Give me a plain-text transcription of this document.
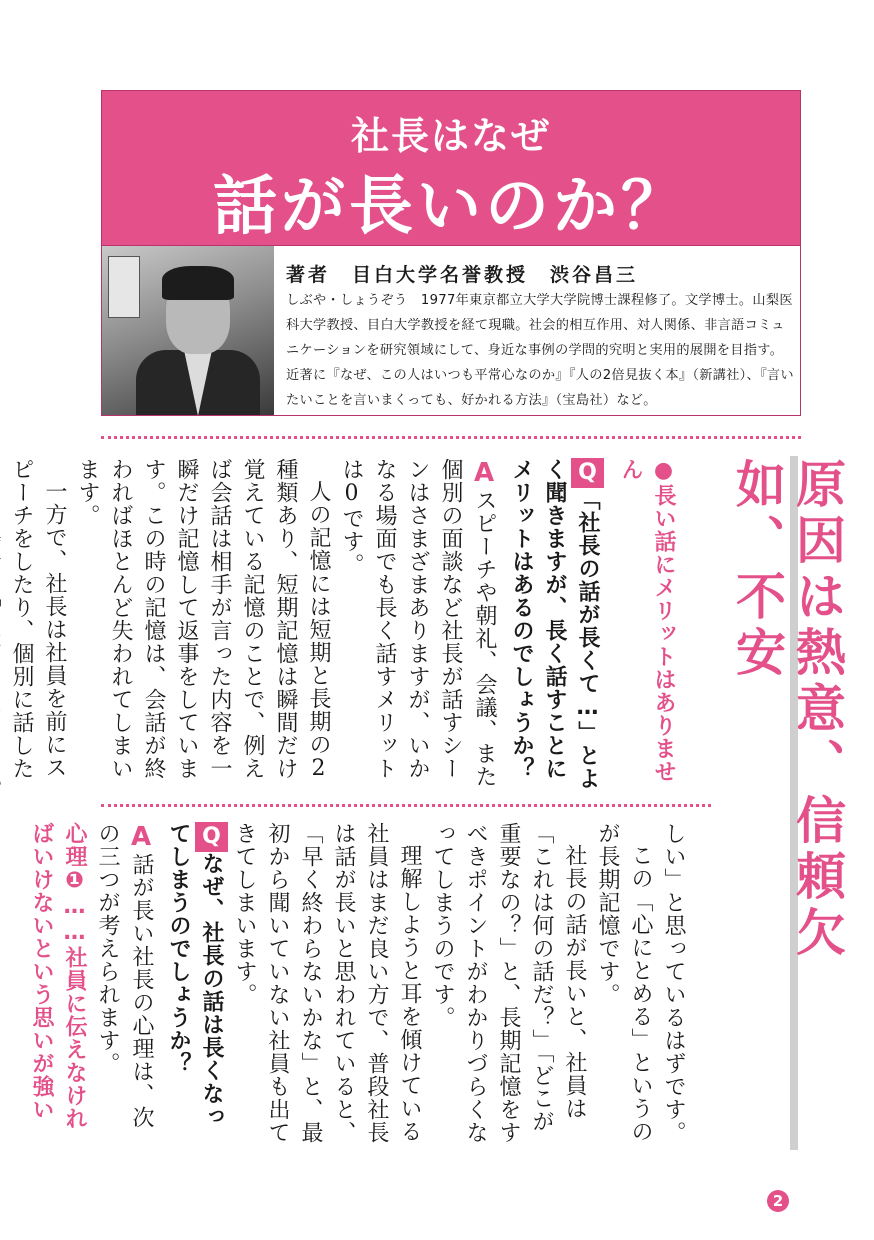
社長はなぜ
話が長いのか？
著者　目白大学名誉教授　渋谷昌三
しぶや・しょうぞう　1977年東京都立大学大学院博士課程修了。文学博士。山梨医科大学教授、目白大学教授を経て現職。社会的相互作用、対人関係、非言語コミュニケーションを研究領域にして、身近な事例の学問的究明と実用的展開を目指す。近著に『なぜ、この人はいつも平常心なのか』『人の2倍見抜く本』（新講社）、『言いたいことを言いまくっても、好かれる方法』（宝島社）など。
原因は熱意、信頼欠如、不安

●長い話にメリットはありません

Q「社長の話が長くて…」とよく聞きますが、長く話すことにメリットはあるのでしょうか？

Aスピーチや朝礼、会議、また個別の面談など社長が話すシーンはさまざまありますが、いかなる場面でも長く話すメリットは0です。

人の記憶には短期と長期の2種類あり、短期記憶は瞬間だけ覚えている記憶のことで、例えば会話は相手が言った内容を一瞬だけ記憶して返事をしています。この時の記憶は、会話が終わればほとんど失われてしまいます。

一方で、社長は社員を前にスピーチをしたり、個別に話した

しい」と思っているはずです。

この「心にとめる」というのが長期記憶です。

社長の話が長いと、社員は「これは何の話だ？」「どこが重要なの？」と、長期記憶をすべきポイントがわかりづらくなってしまうのです。

理解しようと耳を傾けている社員はまだ良い方で、普段社長は話が長いと思われていると、「早く終わらないかな」と、最初から聞いていない社員も出てきてしまいます。

Qなぜ、社長の話は長くなってしまうのでしょうか？

A話が長い社長の心理は、次の三つが考えられます。

心理❶……社員に伝えなければいけないという思いが強い

2
